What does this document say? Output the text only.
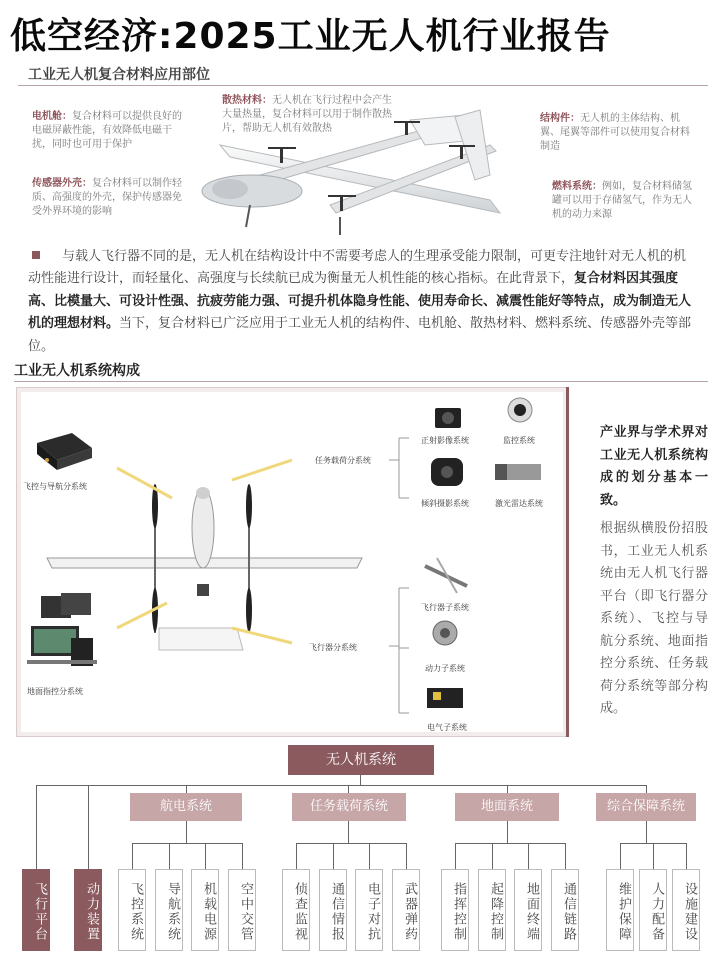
低空经济:2025工业无人机行业报告
工业无人机复合材料应用部位
电机舱：复合材料可以提供良好的电磁屏蔽性能，有效降低电磁干扰，同时也可用于保护
传感器外壳：复合材料可以制作轻质、高强度的外壳，保护传感器免受外界环境的影响
散热材料：无人机在飞行过程中会产生大量热量，复合材料可以用于制作散热片，帮助无人机有效散热
结构件：无人机的主体结构、机翼、尾翼等部件可以使用复合材料制造
燃料系统：例如，复合材料储氢罐可以用于存储氢气，作为无人机的动力来源
与载人飞行器不同的是，无人机在结构设计中不需要考虑人的生理承受能力限制，可更专注地针对无人机的机动性能进行设计，而轻量化、高强度与长续航已成为衡量无人机性能的核心指标。在此背景下，复合材料因其强度高、比模量大、可设计性强、抗疲劳能力强、可提升机体隐身性能、使用寿命长、减震性能好等特点，成为制造无人机的理想材料。当下，复合材料已广泛应用于工业无人机的结构件、电机舱、散热材料、燃料系统、传感器外壳等部位。
工业无人机系统构成
飞控与导航分系统
地面指控分系统
任务载荷分系统
正射影像系统	监控系统
倾斜摄影系统	激光雷达系统
飞行器分系统
飞行器子系统
动力子系统
电气子系统
产业界与学术界对工业无人机系统构成的划分基本一致。
根据纵横股份招股书，工业无人机系统由无人机飞行器平台（即飞行器分系统）、飞控与导航分系统、地面指控分系统、任务载荷分系统等部分构成。
无人机系统
航电系统	任务载荷系统	地面系统	综合保障系统
飞行平台	动力装置	飞控系统	导航系统	机载电源	空中交管	侦查监视	通信情报	电子对抗	武器弹药	指挥控制	起降控制	地面终端	通信链路	维护保障	人力配备	设施建设
